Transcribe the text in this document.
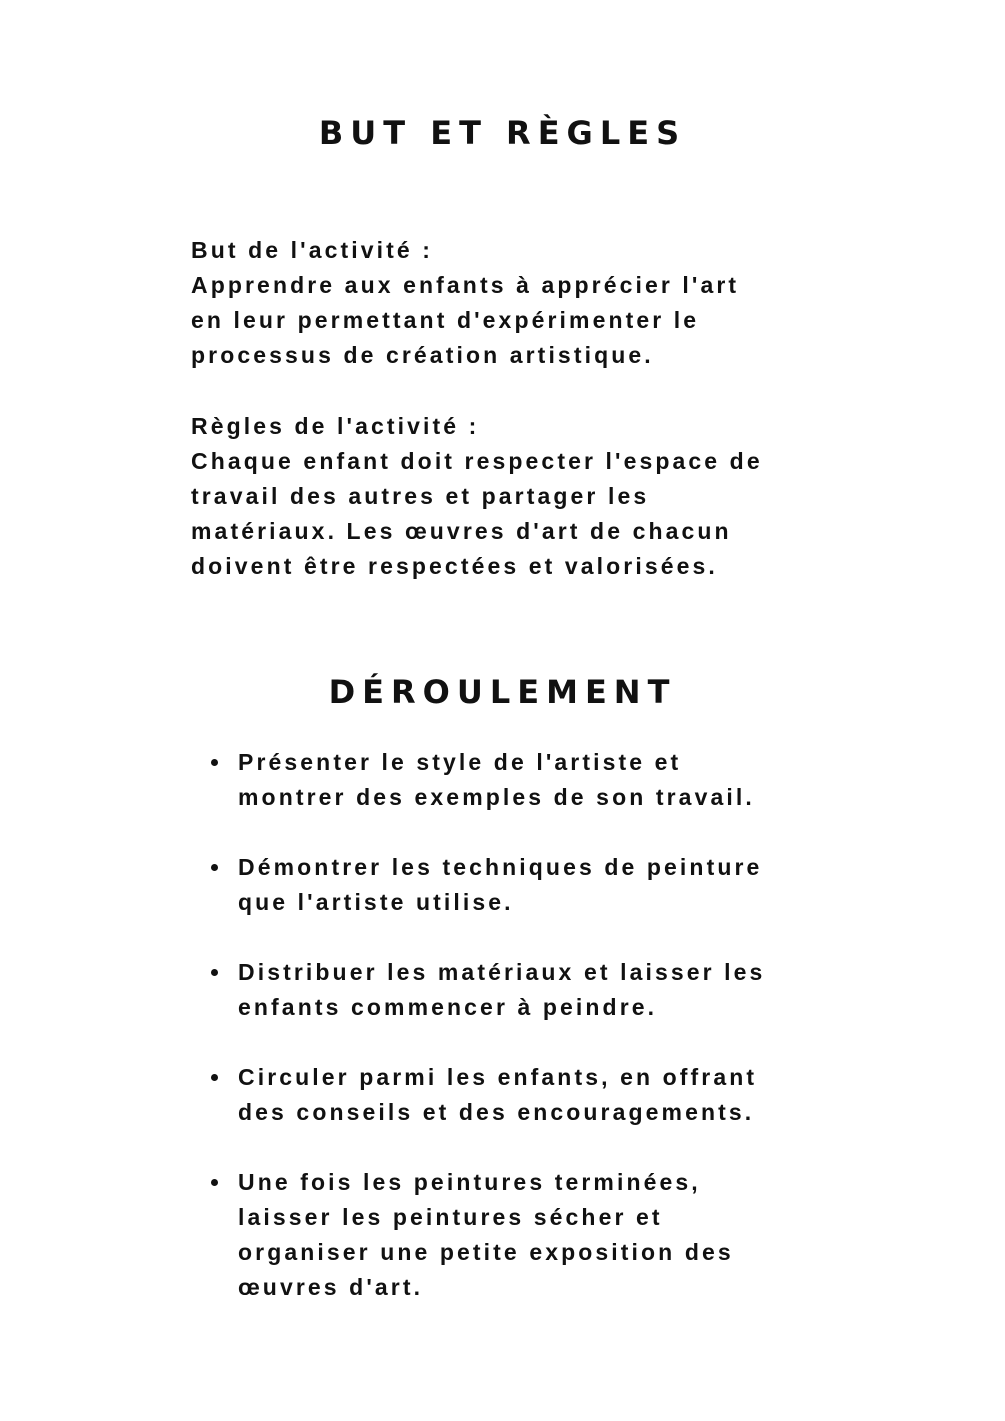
BUT ET RÈGLES
But de l'activité :
Apprendre aux enfants à apprécier l'art
en leur permettant d'expérimenter le
processus de création artistique.
Règles de l'activité :
Chaque enfant doit respecter l'espace de
travail des autres et partager les
matériaux. Les œuvres d'art de chacun
doivent être respectées et valorisées.
DÉROULEMENT
Présenter le style de l'artiste et
montrer des exemples de son travail.
Démontrer les techniques de peinture
que l'artiste utilise.
Distribuer les matériaux et laisser les
enfants commencer à peindre.
Circuler parmi les enfants, en offrant
des conseils et des encouragements.
Une fois les peintures terminées,
laisser les peintures sécher et
organiser une petite exposition des
œuvres d'art.
